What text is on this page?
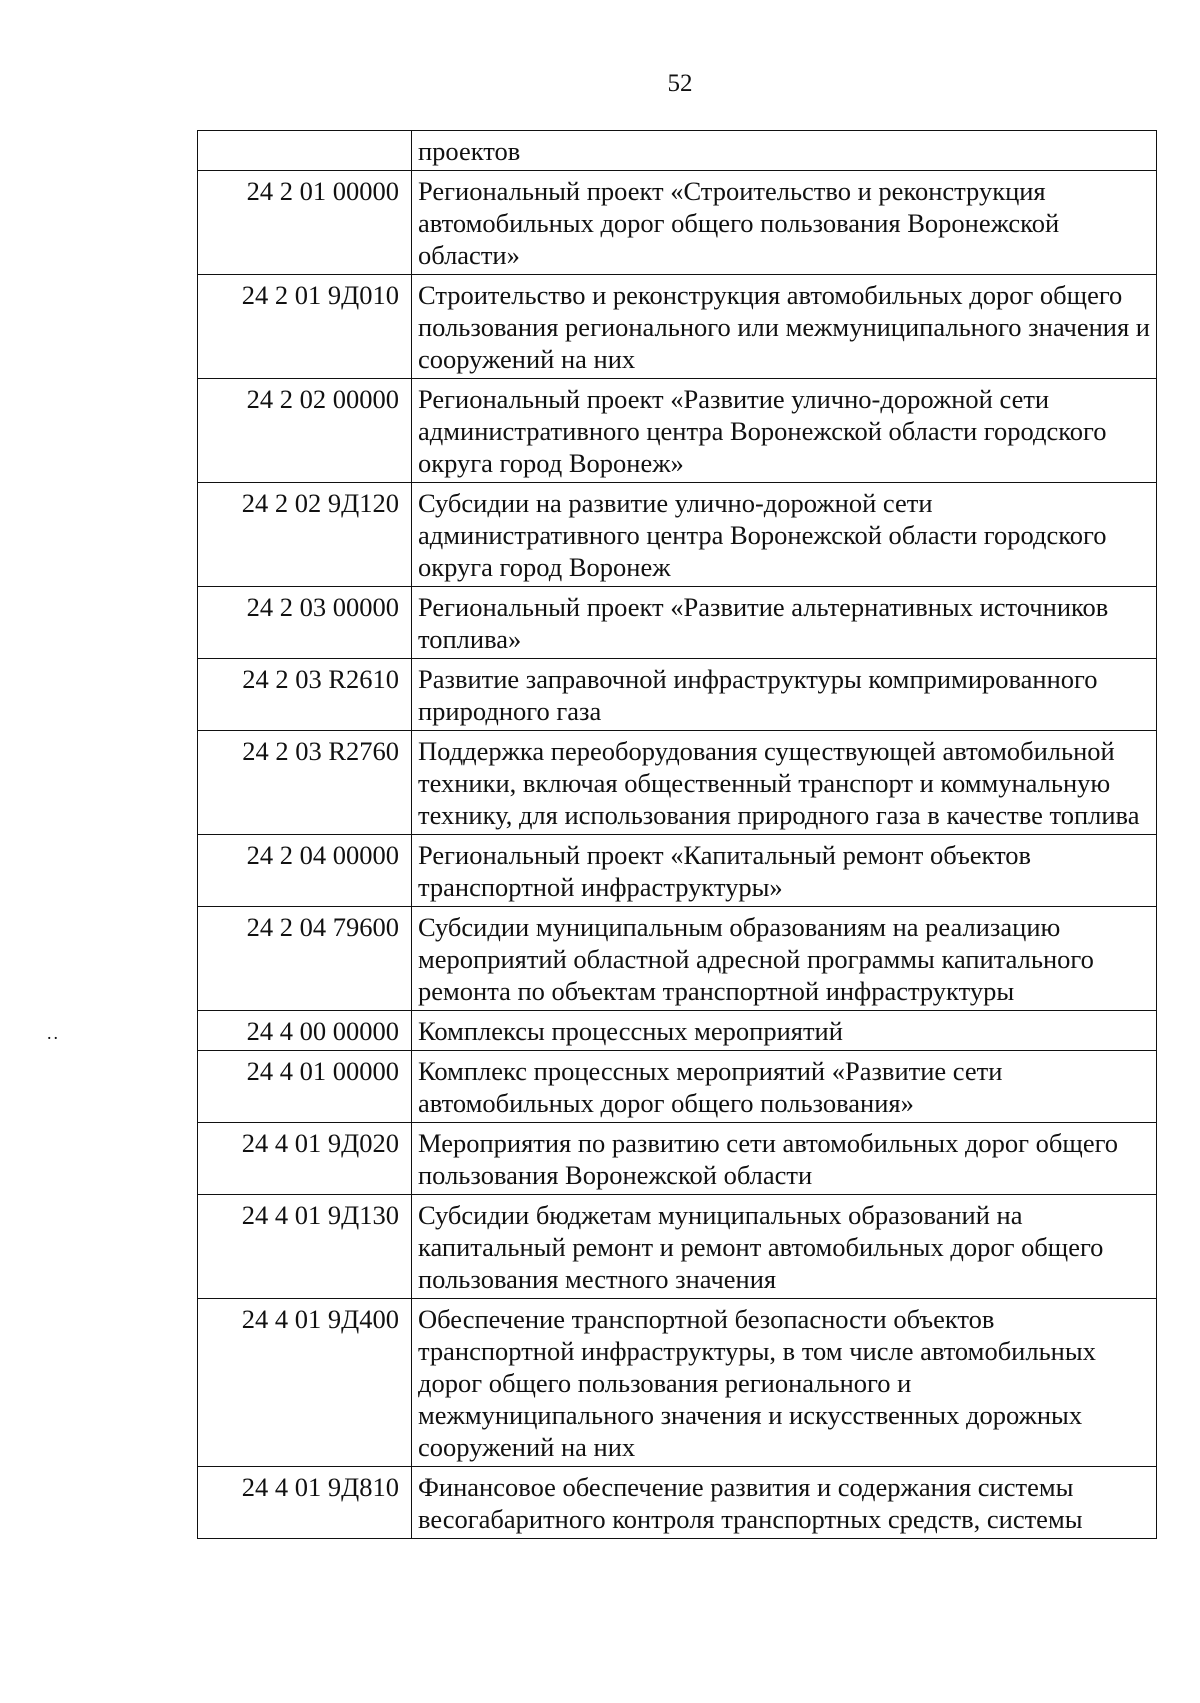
52
..
	проектов
24 2 01 00000	Региональный проект «Строительство и реконструкция автомобильных дорог общего пользования Воронежской области»
24 2 01 9Д010	Строительство и реконструкция автомобильных дорог общего пользования регионального или межмуниципального значения и сооружений на них
24 2 02 00000	Региональный проект «Развитие улично-дорожной сети административного центра Воронежской области городского округа город Воронеж»
24 2 02 9Д120	Субсидии на развитие улично-дорожной сети административного центра Воронежской области городского округа город Воронеж
24 2 03 00000	Региональный проект «Развитие альтернативных источников топлива»
24 2 03 R2610	Развитие заправочной инфраструктуры компримированного природного газа
24 2 03 R2760	Поддержка переоборудования существующей автомобильной техники, включая общественный транспорт и коммунальную технику, для использования природного газа в качестве топлива
24 2 04 00000	Региональный проект «Капитальный ремонт объектов транспортной инфраструктуры»
24 2 04 79600	Субсидии муниципальным образованиям на реализацию мероприятий областной адресной программы капитального ремонта по объектам транспортной инфраструктуры
24 4 00 00000	Комплексы процессных мероприятий
24 4 01 00000	Комплекс процессных мероприятий «Развитие сети автомобильных дорог общего пользования»
24 4 01 9Д020	Мероприятия по развитию сети автомобильных дорог общего пользования Воронежской области
24 4 01 9Д130	Субсидии бюджетам муниципальных образований на капитальный ремонт и ремонт автомобильных дорог общего пользования местного значения
24 4 01 9Д400	Обеспечение транспортной безопасности объектов транспортной инфраструктуры, в том числе автомобильных дорог общего пользования регионального и межмуниципального значения и искусственных дорожных сооружений на них
24 4 01 9Д810	Финансовое обеспечение развития и содержания системы весогабаритного контроля транспортных средств, системы
